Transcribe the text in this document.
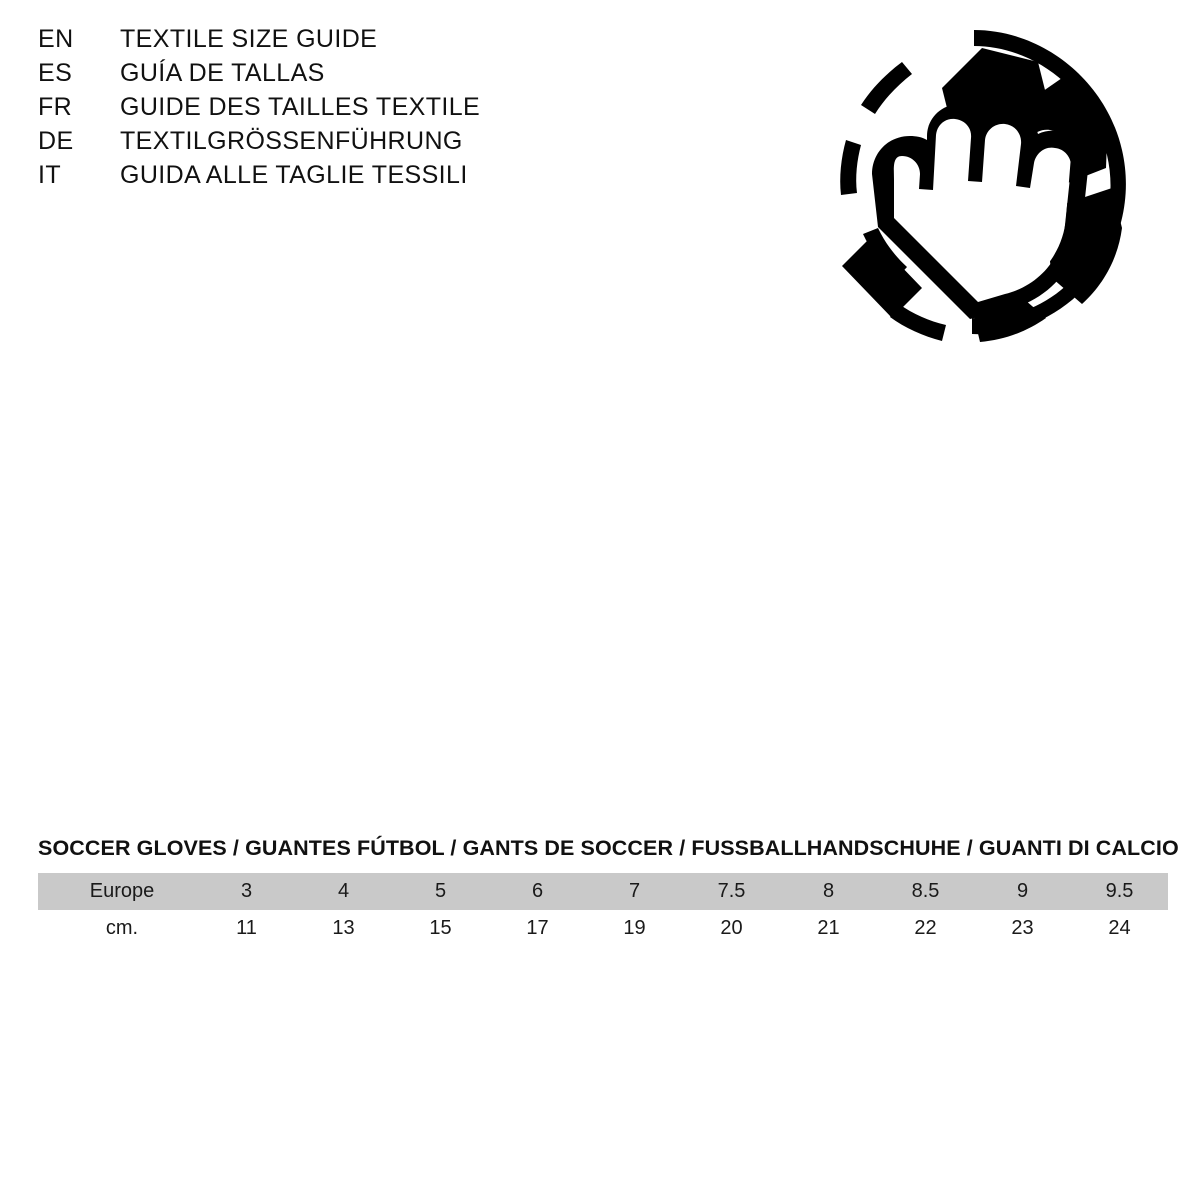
EN	TEXTILE SIZE GUIDE
ES	GUÍA DE TALLAS
FR	GUIDE DES TAILLES TEXTILE
DE	TEXTILGRÖSSENFÜHRUNG
IT	GUIDA ALLE TAGLIE TESSILI
SOCCER GLOVES / GUANTES FÚTBOL / GANTS DE SOCCER / FUSSBALLHANDSCHUHE / GUANTI DI CALCIO
Europe	3	4	5	6	7	7.5	8	8.5	9	9.5
cm.	11	13	15	17	19	20	21	22	23	24
